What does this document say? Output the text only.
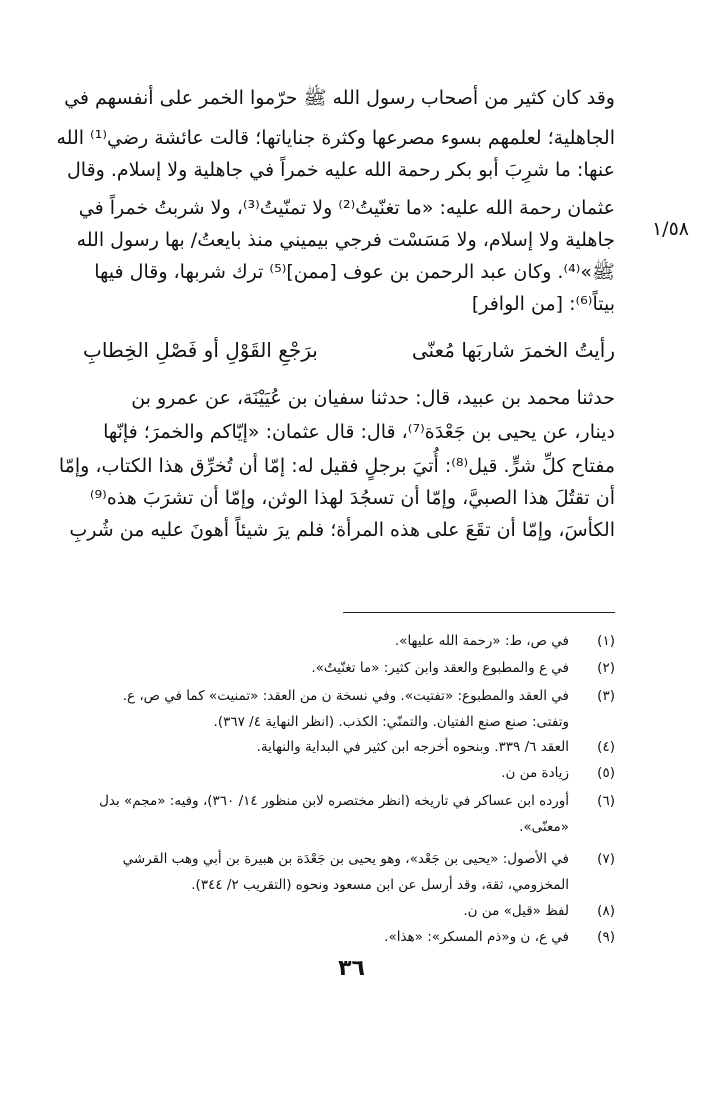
١/٥٨
وقد كان كثير من أصحاب رسول الله ﷺ حرّموا الخمر على أنفسهم في
الجاهلية؛ لعلمهم بسوء مصرعها وكثرة جناياتها؛ قالت عائشة رضي⁽¹⁾ الله
عنها: ما شرِبَ أبو بكر رحمة الله عليه خمراً في جاهلية ولا إسلام. وقال
عثمان رحمة الله عليه: «ما تغنّيتُ⁽²⁾ ولا تمنّيتُ⁽³⁾، ولا شربتُ خمراً في
جاهلية ولا إسلام، ولا مَسَسْت فرجي بيميني منذ بايعتُ/ بها رسول الله
ﷺ»⁽⁴⁾. وكان عبد الرحمن بن عوف [ممن]⁽⁵⁾ ترك شربها، وقال فيها
بيتاً⁽⁶⁾: [من الوافر]
رأيتُ الخمرَ شاربَها مُعنّى
برَجْعِ القَوْلِ أو فَصْلِ الخِطابِ
حدثنا محمد بن عبيد، قال: حدثنا سفيان بن عُيَيْنَة، عن عمرو بن
دينار، عن يحيى بن جَعْدَة⁽⁷⁾، قال: قال عثمان: «إيّاكم والخمرَ؛ فإنّها
مفتاح كلِّ شرٍّ. قيل⁽⁸⁾: أُتيَ برجلٍ فقيل له: إمّا أن تُخرِّق هذا الكتاب، وإمّا
أن تقتُلَ هذا الصبيَّ، وإمّا أن تسجُدَ لهذا الوثن، وإمّا أن تشرَبَ هذه⁽⁹⁾
الكأسَ، وإمّا أن تقَعَ على هذه المرأة؛ فلم يرَ شيئاً أهونَ عليه من شُربِ
(١)
في ص، ط: «رحمة الله عليها».
(٢)
في ع والمطبوع والعقد وابن كثير: «ما تغنّيتُ».
(٣)
في العقد والمطبوع: «تفتيت». وفي نسخة ن من العقد: «تمنيت» كما في ص، ع. وتفتى: صنع صنع الفتيان. والتمنّي: الكذب. (انظر النهاية ٤/ ٣٦٧).
(٤)
العقد ٦/ ٣٣٩. وبنحوه أخرجه ابن كثير في البداية والنهاية.
(٥)
زيادة من ن.
(٦)
أورده ابن عساكر في تاريخه (انظر مختصره لابن منظور ١٤/ ٣٦٠)، وفيه: «مجم» بدل «معنّى».
(٧)
في الأصول: «يحيى بن جَعْد»، وهو يحيى بن جَعْدَة بن هبيرة بن أبي وهب القرشي المخزومي، ثقة، وقد أرسل عن ابن مسعود ونحوه (التقريب ٢/ ٣٤٤).
(٨)
لفظ «قيل» من ن.
(٩)
في ع، ن و«ذم المسكر»: «هذا».
٣٦
